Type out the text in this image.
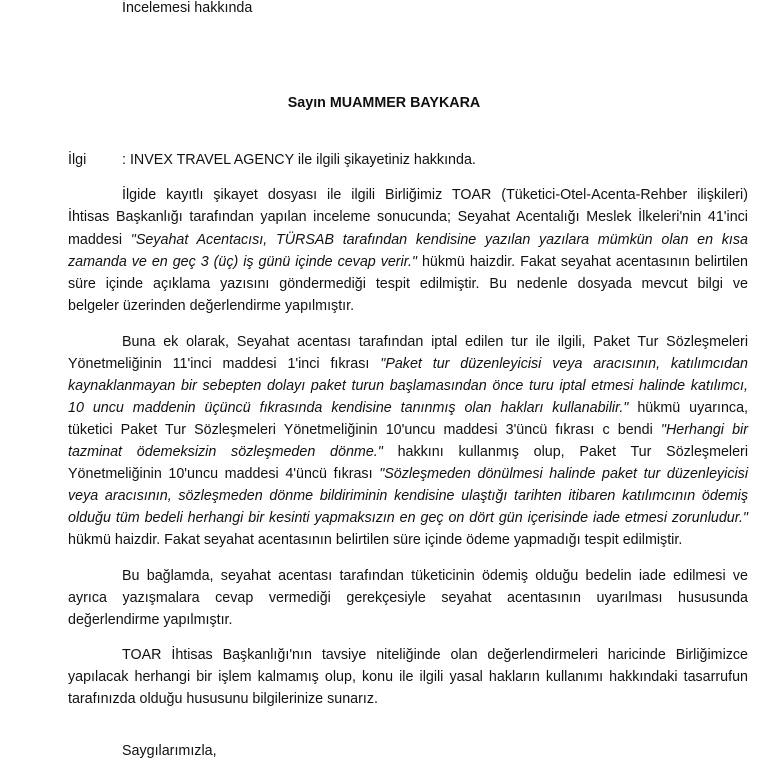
İncelemesi hakkında
Sayın MUAMMER BAYKARA
İlgi : INVEX TRAVEL AGENCY ile ilgili şikayetiniz hakkında.
İlgide kayıtlı şikayet dosyası ile ilgili Birliğimiz TOAR (Tüketici-Otel-Acenta-Rehber ilişkileri)
İhtisas Başkanlığı tarafından yapılan inceleme sonucunda; Seyahat Acentalığı Meslek İlkeleri'nin 41'inci
maddesi "Seyahat Acentacısı, TÜRSAB tarafından kendisine yazılan yazılara mümkün olan en kısa
zamanda ve en geç 3 (üç) iş günü içinde cevap verir." hükmü haizdir. Fakat seyahat acentasının belirtilen
süre içinde açıklama yazısını göndermediği tespit edilmiştir. Bu nedenle dosyada mevcut bilgi ve
belgeler üzerinden değerlendirme yapılmıştır.
Buna ek olarak, Seyahat acentası tarafından iptal edilen tur ile ilgili, Paket Tur Sözleşmeleri
Yönetmeliğinin 11'inci maddesi 1'inci fıkrası "Paket tur düzenleyicisi veya aracısının, katılımcıdan
kaynaklanmayan bir sebepten dolayı paket turun başlamasından önce turu iptal etmesi halinde katılımcı,
10 uncu maddenin üçüncü fıkrasında kendisine tanınmış olan hakları kullanabilir." hükmü uyarınca,
tüketici Paket Tur Sözleşmeleri Yönetmeliğinin 10'uncu maddesi 3'üncü fıkrası c bendi "Herhangi bir
tazminat ödemeksizin sözleşmeden dönme." hakkını kullanmış olup, Paket Tur Sözleşmeleri
Yönetmeliğinin 10'uncu maddesi 4'üncü fıkrası "Sözleşmeden dönülmesi halinde paket tur düzenleyicisi
veya aracısının, sözleşmeden dönme bildiriminin kendisine ulaştığı tarihten itibaren katılımcının ödemiş
olduğu tüm bedeli herhangi bir kesinti yapmaksızın en geç on dört gün içerisinde iade etmesi zorunludur."
hükmü haizdir. Fakat seyahat acentasının belirtilen süre içinde ödeme yapmadığı tespit edilmiştir.
Bu bağlamda, seyahat acentası tarafından tüketicinin ödemiş olduğu bedelin iade edilmesi ve
ayrıca yazışmalara cevap vermediği gerekçesiyle seyahat acentasının uyarılması hususunda
değerlendirme yapılmıştır.
TOAR İhtisas Başkanlığı'nın tavsiye niteliğinde olan değerlendirmeleri haricinde Birliğimizce
yapılacak herhangi bir işlem kalmamış olup, konu ile ilgili yasal hakların kullanımı hakkındaki tasarrufun
tarafınızda olduğu hususunu bilgilerinize sunarız.
Saygılarımızla,
